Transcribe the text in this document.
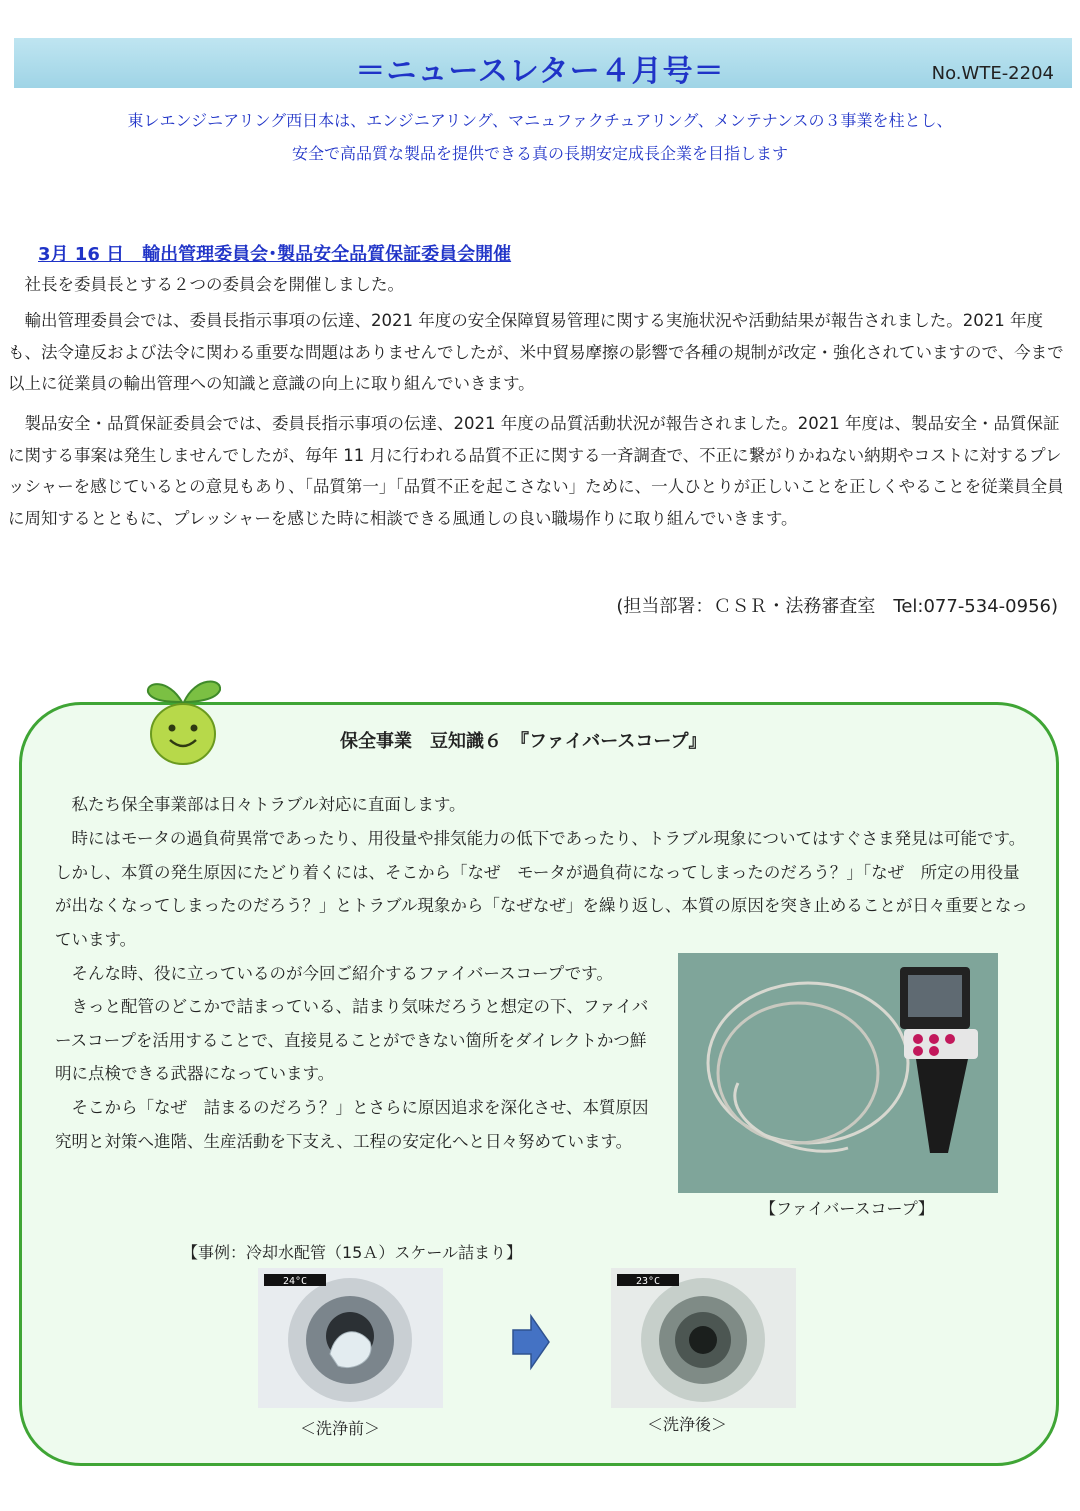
＝ニュースレター４月号＝	No.WTE-2204
東レエンジニアリング西日本は、エンジニアリング、マニュファクチュアリング、メンテナンスの３事業を柱とし、
安全で高品質な製品を提供できる真の長期安定成長企業を目指します
3月 16 日　輸出管理委員会･製品安全品質保証委員会開催

　社長を委員長とする２つの委員会を開催しました。

　輸出管理委員会では、委員長指示事項の伝達、2021 年度の安全保障貿易管理に関する実施状況や活動結果が報告されました。2021 年度も、法令違反および法令に関わる重要な問題はありませんでしたが、米中貿易摩擦の影響で各種の規制が改定・強化されていますので、今まで以上に従業員の輸出管理への知識と意識の向上に取り組んでいきます。

　製品安全・品質保証委員会では、委員長指示事項の伝達、2021 年度の品質活動状況が報告されました。2021 年度は、製品安全・品質保証に関する事案は発生しませんでしたが、毎年 11 月に行われる品質不正に関する一斉調査で、不正に繋がりかねない納期やコストに対するプレッシャーを感じているとの意見もあり、「品質第一」「品質不正を起こさない」ために、一人ひとりが正しいことを正しくやることを従業員全員に周知するとともに、プレッシャーを感じた時に相談できる風通しの良い職場作りに取り組んでいきます。

(担当部署：ＣＳＲ・法務審査室　Tel:077-534-0956)
保全事業　豆知識６　『ファイバースコープ』

　私たち保全事業部は日々トラブル対応に直面します。

　時にはモータの過負荷異常であったり、用役量や排気能力の低下であったり、トラブル現象についてはすぐさま発見は可能です。しかし、本質の発生原因にたどり着くには、そこから「なぜ　モータが過負荷になってしまったのだろう？」「なぜ　所定の用役量が出なくなってしまったのだろう？」とトラブル現象から「なぜなぜ」を繰り返し、本質の原因を突き止めることが日々重要となっています。

　そんな時、役に立っているのが今回ご紹介するファイバースコープです。

　きっと配管のどこかで詰まっている、詰まり気味だろうと想定の下、ファイバースコープを活用することで、直接見ることができない箇所をダイレクトかつ鮮明に点検できる武器になっています。

　そこから「なぜ　詰まるのだろう？」とさらに原因追求を深化させ、本質原因究明と対策へ進階、生産活動を下支え、工程の安定化へと日々努めています。

【ファイバースコープ】
【事例：冷却水配管（15Ａ）スケール詰まり】
24°C	23°C
＜洗浄前＞	＜洗浄後＞
